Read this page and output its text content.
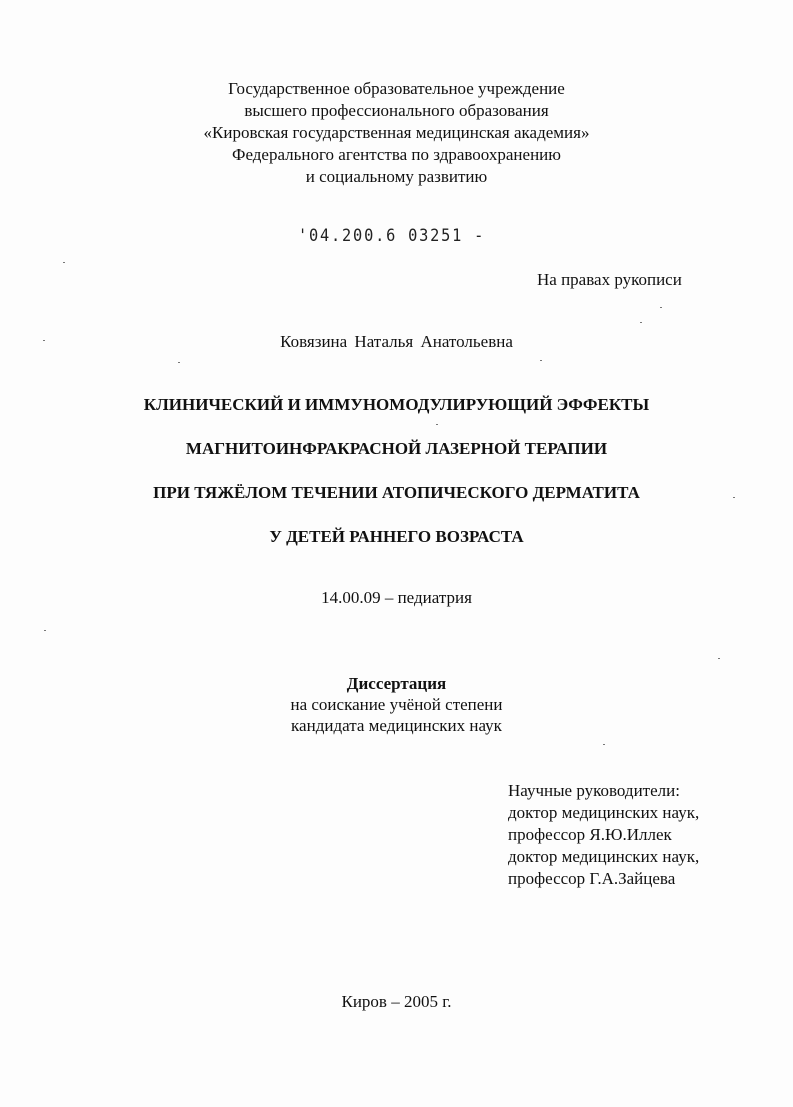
Государственное образовательное учреждение
высшего профессионального образования
«Кировская государственная медицинская академия»
Федерального агентства по здравоохранению
и социальному развитию
'04.200.6 03251 -
На правах рукописи
Ковязина Наталья Анатольевна
КЛИНИЧЕСКИЙ И ИММУНОМОДУЛИРУЮЩИЙ ЭФФЕКТЫ
МАГНИТОИНФРАКРАСНОЙ ЛАЗЕРНОЙ ТЕРАПИИ
ПРИ ТЯЖЁЛОМ ТЕЧЕНИИ АТОПИЧЕСКОГО ДЕРМАТИТА
У ДЕТЕЙ РАННЕГО ВОЗРАСТА
14.00.09 – педиатрия
Диссертация
на соискание учёной степени
кандидата медицинских наук
Научные руководители:
доктор медицинских наук,
профессор Я.Ю.Иллек
доктор медицинских наук,
профессор Г.А.Зайцева
Киров – 2005 г.
